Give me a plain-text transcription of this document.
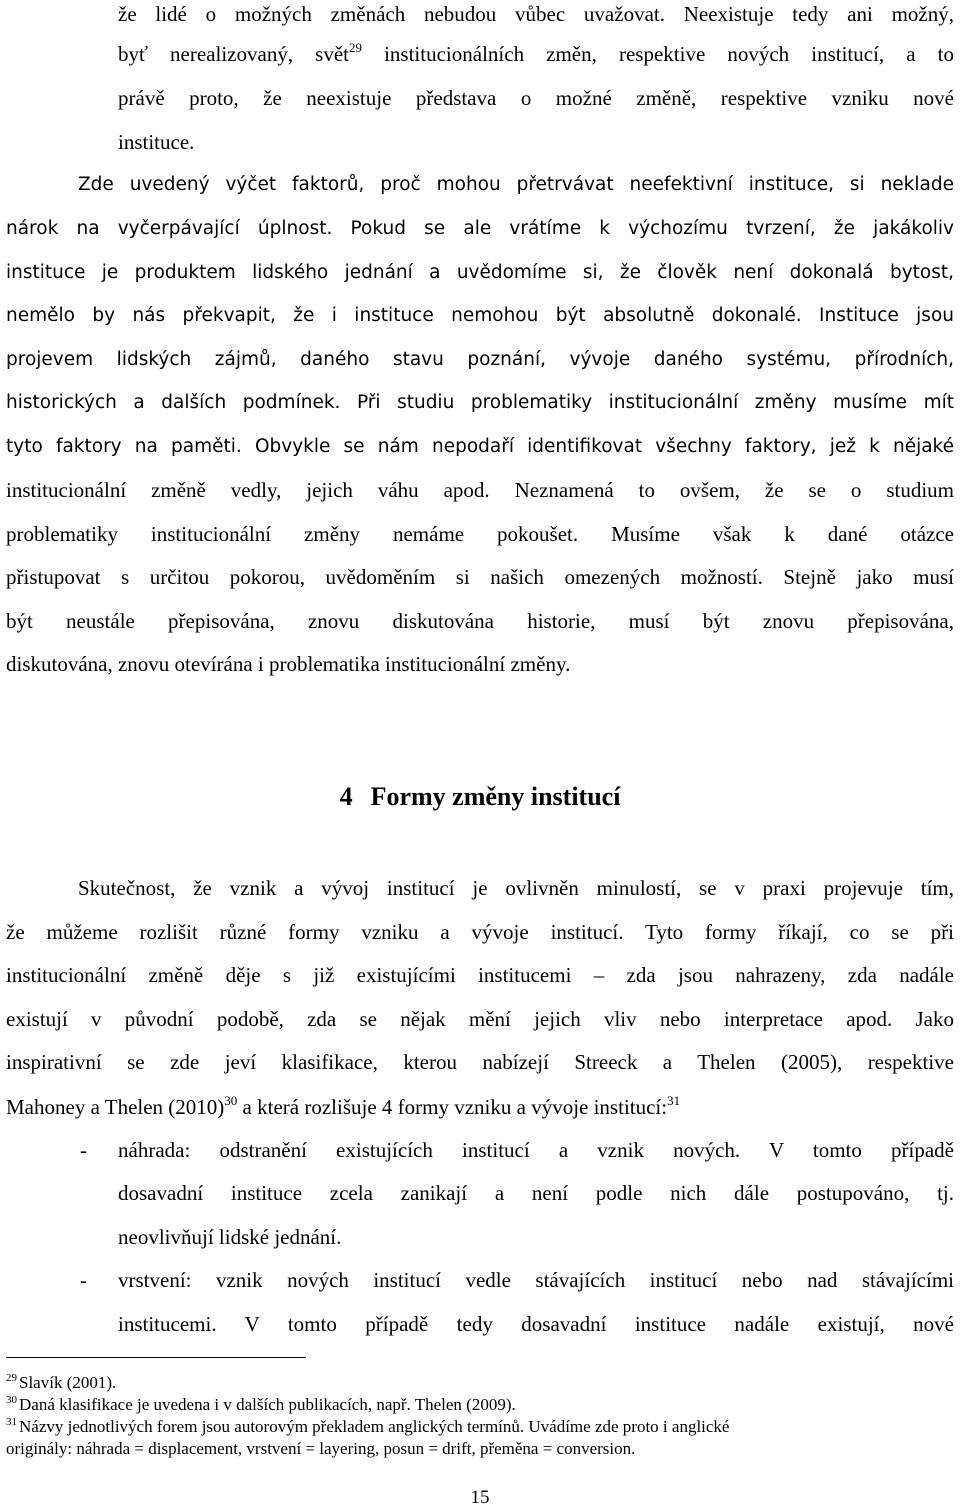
že lidé o možných změnách nebudou vůbec uvažovat. Neexistuje tedy ani možný,
byť nerealizovaný, svět$^{29}$ institucionálních změn, respektive nových institucí, a to
právě proto, že neexistuje představa o možné změně, respektive vzniku nové
instituce.
Zde uvedený výčet faktorů, proč mohou přetrvávat neefektivní instituce, si neklade
nárok na vyčerpávající úplnost. Pokud se ale vrátíme k výchozímu tvrzení, že jakákoliv
instituce je produktem lidského jednání a uvědomíme si, že člověk není dokonalá bytost,
nemělo by nás překvapit, že i instituce nemohou být absolutně dokonalé. Instituce jsou
projevem lidských zájmů, daného stavu poznání, vývoje daného systému, přírodních,
historických a dalších podmínek. Při studiu problematiky institucionální změny musíme mít
tyto faktory na paměti. Obvykle se nám nepodaří identifikovat všechny faktory, jež k nějaké
institucionální změně vedly, jejich váhu apod. Neznamená to ovšem, že se o studium
problematiky institucionální změny nemáme pokoušet. Musíme však k dané otázce
přistupovat s určitou pokorou, uvědoměním si našich omezených možností. Stejně jako musí
být neustále přepisována, znovu diskutována historie, musí být znovu přepisována,
diskutována, znovu otevírána i problematika institucionální změny.
4 Formy změny institucí
Skutečnost, že vznik a vývoj institucí je ovlivněn minulostí, se v praxi projevuje tím,
že můžeme rozlišit různé formy vzniku a vývoje institucí. Tyto formy říkají, co se při
institucionální změně děje s již existujícími institucemi – zda jsou nahrazeny, zda nadále
existují v původní podobě, zda se nějak mění jejich vliv nebo interpretace apod. Jako
inspirativní se zde jeví klasifikace, kterou nabízejí Streeck a Thelen (2005), respektive
Mahoney a Thelen $(2010)^{30}$ a která rozlišuje 4 formy vzniku a vývoje institucí:$^{31}$
- náhrada: odstranění existujících institucí a vznik nových. V tomto případě
dosavadní instituce zcela zanikají a není podle nich dále postupováno, tj.
neovlivňují lidské jednání.
- vrstvení: vznik nových institucí vedle stávajících institucí nebo nad stávajícími
institucemi. V tomto případě tedy dosavadní instituce nadále existují, nové
$^{29}$ Slavík (2001).
$^{30}$ Daná klasifikace je uvedena i v dalších publikacích, např. Thelen (2009).
$^{31}$ Názvy jednotlivých forem jsou autorovým překladem anglických termínů. Uvádíme zde proto i anglické
originály: náhrada = displacement, vrstvení = layering, posun = drift, přeměna = conversion.
15
